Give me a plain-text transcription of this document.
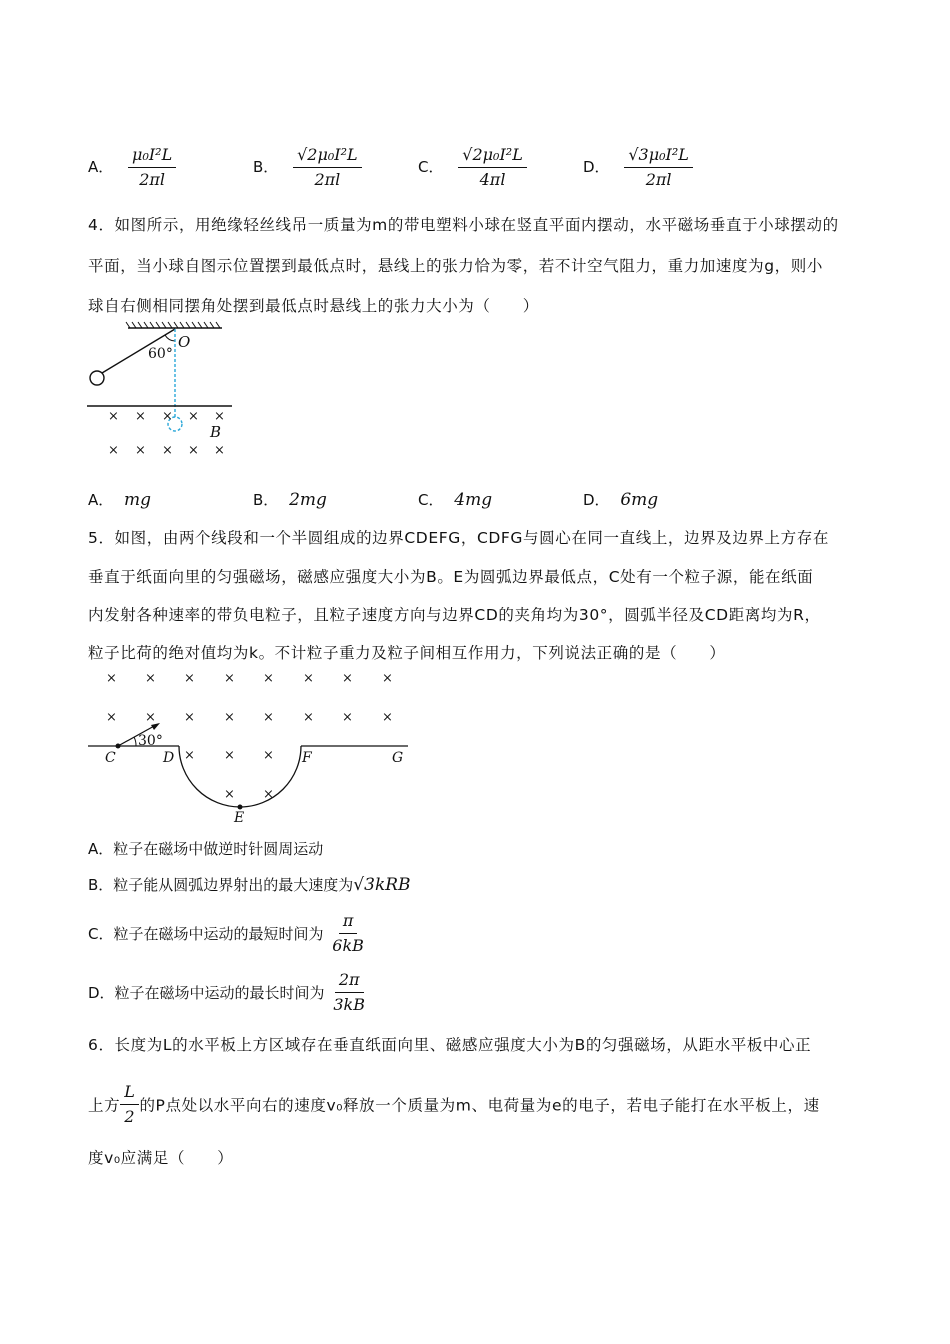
A． $\frac{\text{μ₀I²L}}{2\pi l}$	B． $\frac{\text{√2μ₀I²L}}{2\pi l}$	C． $\frac{\text{√2μ₀I²L}}{4\pi l}$	D． $\frac{\text{√3μ₀I²L}}{2\pi l}$
4．如图所示，用绝缘轻丝线吊一质量为m的带电塑料小球在竖直平面内摆动，水平磁场垂直于小球摆动的
平面，当小球自图示位置摆到最低点时，悬线上的张力恰为零，若不计空气阻力，重力加速度为g，则小
球自右侧相同摆角处摆到最低点时悬线上的张力大小为（　　）
60°
O
× × × × ×
× × × × ×
B
A． mg	B． 2mg	C． 4mg	D． 6mg
5．如图，由两个线段和一个半圆组成的边界CDEFG，CDFG与圆心在同一直线上，边界及边界上方存在
垂直于纸面向里的匀强磁场，磁感应强度大小为B。E为圆弧边界最低点，C处有一个粒子源，能在纸面
内发射各种速率的带负电粒子，且粒子速度方向与边界CD的夹角均为30°，圆弧半径及CD距离均为R，
粒子比荷的绝对值均为k。不计粒子重力及粒子间相互作用力，下列说法正确的是（　　）
× × × × × × × ×
× × × × × × × ×
× × ×
× ×
30°
C	D
E
F	G
A．粒子在磁场中做逆时针圆周运动
B．粒子能从圆弧边界射出的最大速度为√3kRB
C．粒子在磁场中运动的最短时间为 $\frac{\pi}{6kB}$
D．粒子在磁场中运动的最长时间为 $\frac{2\pi}{3kB}$
6．长度为L的水平板上方区域存在垂直纸面向里、磁感应强度大小为B的匀强磁场，从距水平板中心正
上方 $\frac{L}{2}$ 的P点处以水平向右的速度v₀释放一个质量为m、电荷量为e的电子，若电子能打在水平板上，速
度v₀应满足（　　）
